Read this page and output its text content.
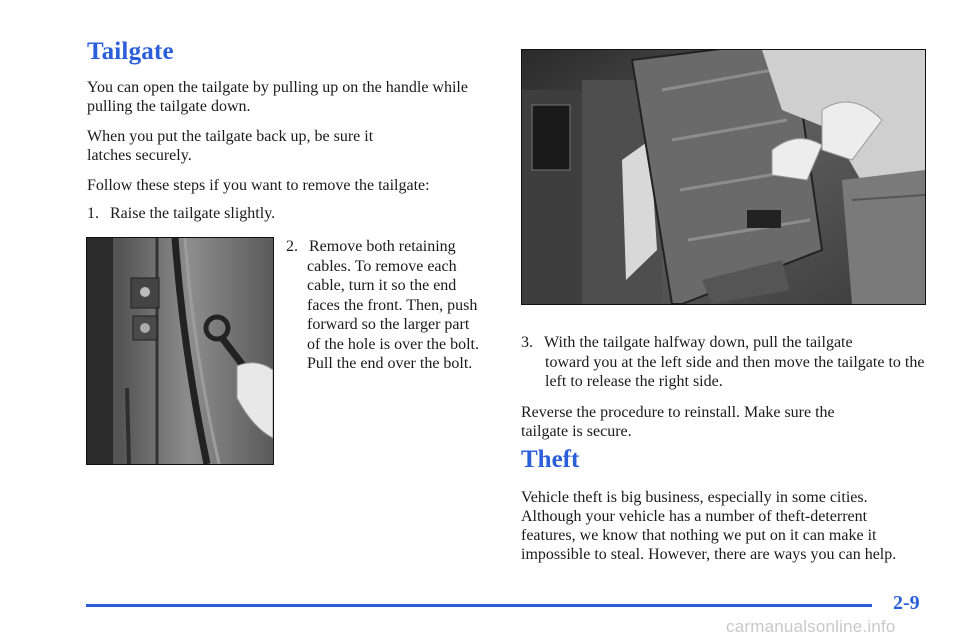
Tailgate

You can open the tailgate by pulling up on the handle while pulling the tailgate down.

When you put the tailgate back up, be sure it latches securely.

Follow these steps if you want to remove the tailgate:

1. Raise the tailgate slightly.
2. Remove both retaining
cables. To remove each cable, turn it so the end faces the front. Then, push forward so the larger part of the hole is over the bolt. Pull the end over the bolt.
3. With the tailgate halfway down, pull the tailgate
toward you at the left side and then move the tailgate to the left to release the right side.

Reverse the procedure to reinstall. Make sure the tailgate is secure.

Theft

Vehicle theft is big business, especially in some cities. Although your vehicle has a number of theft‑deterrent features, we know that nothing we put on it can make it impossible to steal. However, there are ways you can help.

2-9
carmanualsonline.info
